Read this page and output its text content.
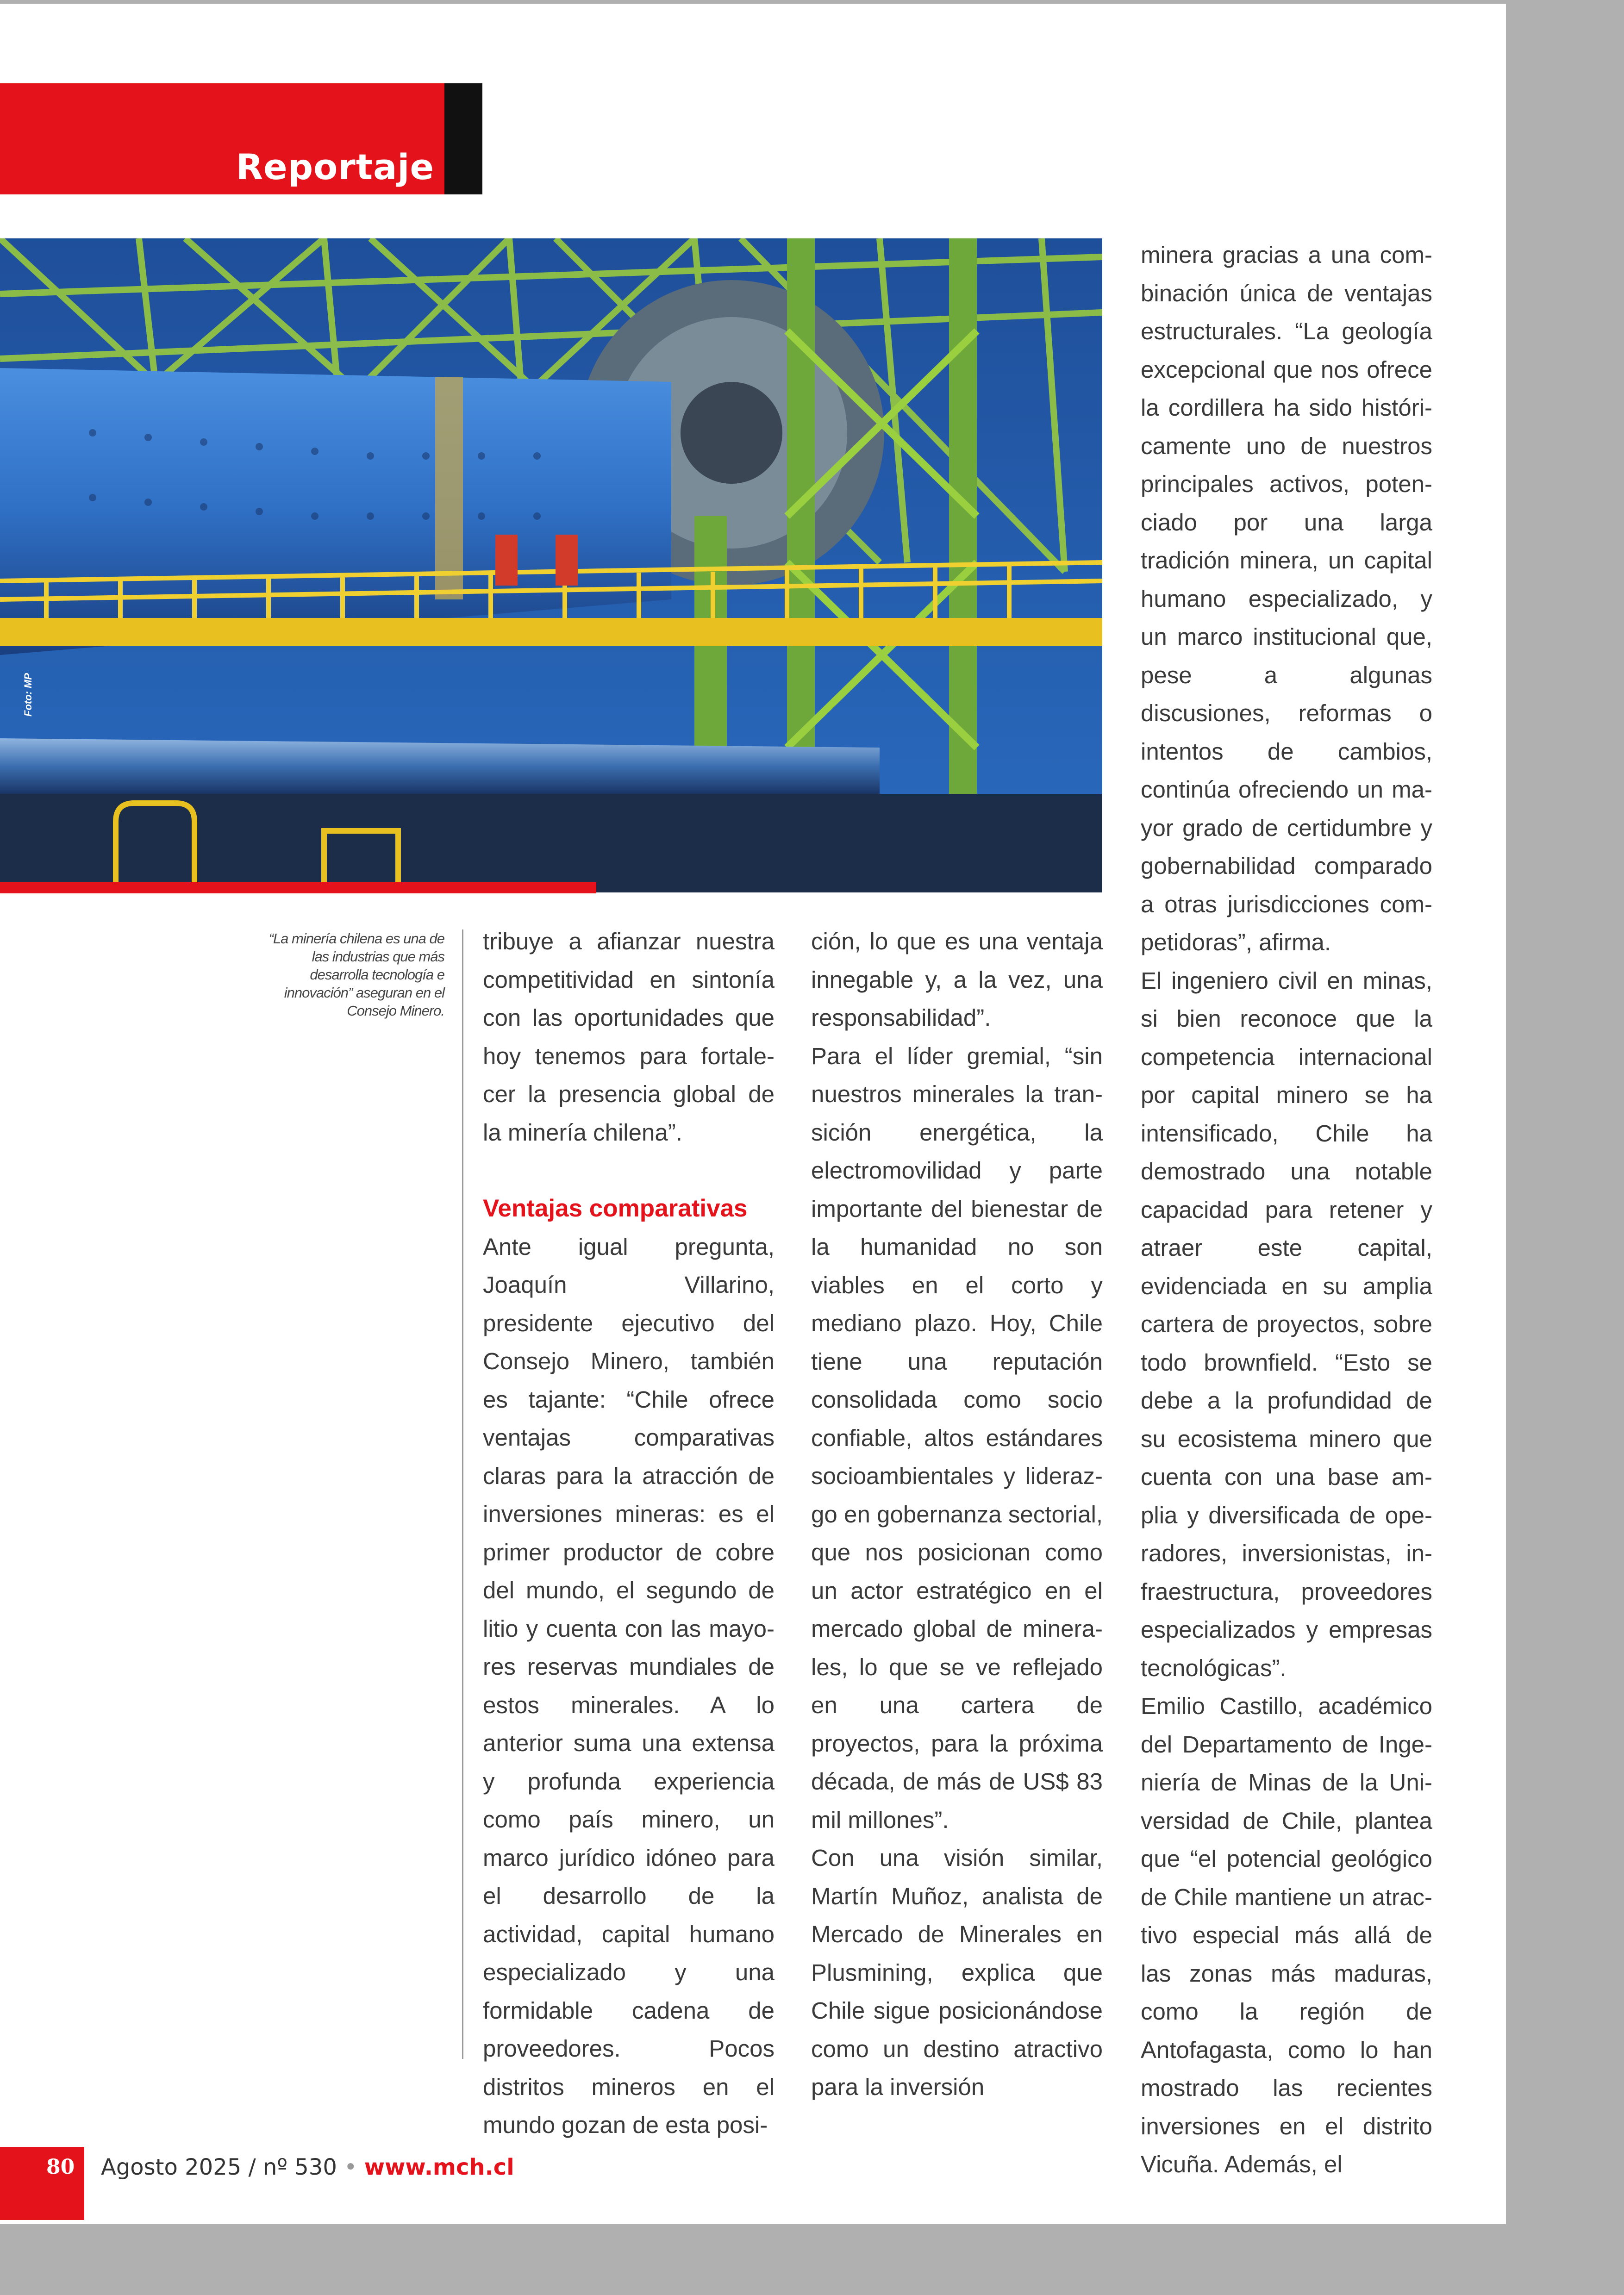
Reportaje
Foto: MP
“La minería chilena es una de las industrias que más desarrolla tecnología e innovación” aseguran en el Consejo Minero.

tribuye a afianzar nuestra competitividad en sintonía con las oportunidades que hoy tenemos para fortalecer la presencia global de la minería chilena”.

Ventajas comparativas

Ante igual pregunta, Joaquín Villarino, presidente ejecutivo del Consejo Minero, también es tajante: “Chile ofrece ventajas comparativas claras para la atracción de inversiones mineras: es el primer productor de cobre del mundo, el segundo de litio y cuenta con las mayores reservas mundiales de estos minerales. A lo anterior suma una extensa y profunda experiencia como país minero, un marco jurídico idóneo para el desarrollo de la actividad, capital humano especializado y una formidable cadena de proveedores. Pocos distritos mineros en el mundo gozan de esta posi-

ción, lo que es una ventaja innegable y, a la vez, una responsabilidad”.

Para el líder gremial, “sin nuestros minerales la transición energética, la electromovilidad y parte importante del bienestar de la humanidad no son viables en el corto y mediano plazo. Hoy, Chile tiene una reputación consolidada como socio confiable, altos estándares socioambientales y liderazgo en gobernanza sectorial, que nos posicionan como un actor estratégico en el mercado global de minerales, lo que se ve reflejado en una cartera de proyectos, para la próxima década, de más de US$ 83 mil millones”.

Con una visión similar, Martín Muñoz, analista de Mercado de Minerales en Plusmining, explica que Chile sigue posicionándose como un destino atractivo para la inversión

minera gracias a una combinación única de ventajas estructurales. “La geología excepcional que nos ofrece la cordillera ha sido históricamente uno de nuestros principales activos, potenciado por una larga tradición minera, un capital humano especializado, y un marco institucional que, pese a algunas discusiones, reformas o intentos de cambios, continúa ofreciendo un mayor grado de certidumbre y gobernabilidad comparado a otras jurisdicciones competidoras”, afirma.

El ingeniero civil en minas, si bien reconoce que la competencia internacional por capital minero se ha intensificado, Chile ha demostrado una notable capacidad para retener y atraer este capital, evidenciada en su amplia cartera de proyectos, sobre todo brownfield. “Esto se debe a la profundidad de su ecosistema minero que cuenta con una base amplia y diversificada de operadores, inversionistas, infraestructura, proveedores especializados y empresas tecnológicas”.

Emilio Castillo, académico del Departamento de Ingeniería de Minas de la Universidad de Chile, plantea que “el potencial geológico de Chile mantiene un atractivo especial más allá de las zonas más maduras, como la región de Antofagasta, como lo han mostrado las recientes inversiones en el distrito Vicuña. Además, el

80	Agosto 2025 / nº 530 • www.mch.cl
